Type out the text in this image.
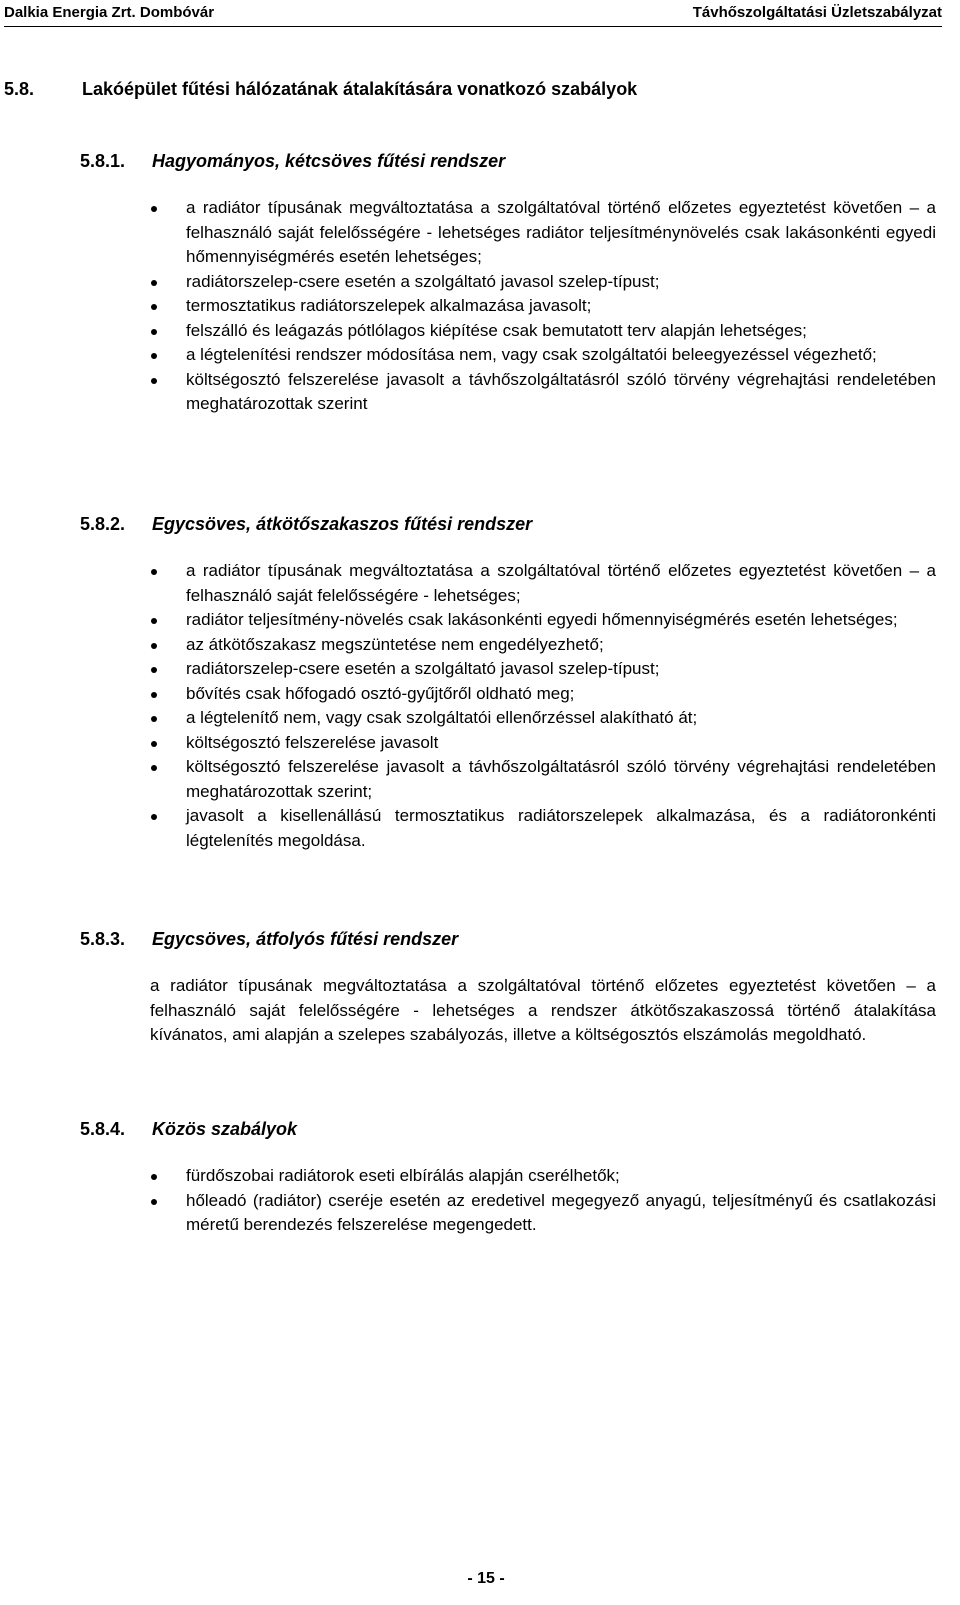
Dalkia Energia Zrt. Dombóvár	Távhőszolgáltatási Üzletszabályzat
5.8.	Lakóépület fűtési hálózatának átalakítására vonatkozó szabályok
5.8.1. Hagyományos, kétcsöves fűtési rendszer
a radiátor típusának megváltoztatása a szolgáltatóval történő előzetes egyeztetést követően – a felhasználó saját felelősségére - lehetséges radiátor teljesítménynövelés csak lakásonkénti egyedi hőmennyiségmérés esetén lehetséges;
radiátorszelep-csere esetén a szolgáltató javasol szelep-típust;
termosztatikus radiátorszelepek alkalmazása javasolt;
felszálló és leágazás pótlólagos kiépítése csak bemutatott terv alapján lehetséges;
a légtelenítési rendszer módosítása nem, vagy csak szolgáltatói beleegyezéssel végezhető;
költségosztó felszerelése javasolt a távhőszolgáltatásról szóló törvény végrehajtási rendeletében meghatározottak szerint
5.8.2. Egycsöves, átkötőszakaszos fűtési rendszer
a radiátor típusának megváltoztatása a szolgáltatóval történő előzetes egyeztetést követően – a felhasználó saját felelősségére - lehetséges;
radiátor teljesítmény-növelés csak lakásonkénti egyedi hőmennyiségmérés esetén lehetséges;
az átkötőszakasz megszüntetése nem engedélyezhető;
radiátorszelep-csere esetén a szolgáltató javasol szelep-típust;
bővítés csak hőfogadó osztó-gyűjtőről oldható meg;
a légtelenítő nem, vagy csak szolgáltatói ellenőrzéssel alakítható át;
költségosztó felszerelése javasolt
költségosztó felszerelése javasolt a távhőszolgáltatásról szóló törvény végrehajtási rendeletében meghatározottak szerint;
javasolt a kisellenállású termosztatikus radiátorszelepek alkalmazása, és a radiátoronkénti légtelenítés megoldása.
5.8.3. Egycsöves, átfolyós fűtési rendszer
a radiátor típusának megváltoztatása a szolgáltatóval történő előzetes egyeztetést követően – a felhasználó saját felelősségére - lehetséges a rendszer átkötőszakaszossá történő átalakítása kívánatos, ami alapján a szelepes szabályozás, illetve a költségosztós elszámolás megoldható.
5.8.4. Közös szabályok
fürdőszobai radiátorok eseti elbírálás alapján cserélhetők;
hőleadó (radiátor) cseréje esetén az eredetivel megegyező anyagú, teljesítményű és csatlakozási méretű berendezés felszerelése megengedett.
- 15 -
